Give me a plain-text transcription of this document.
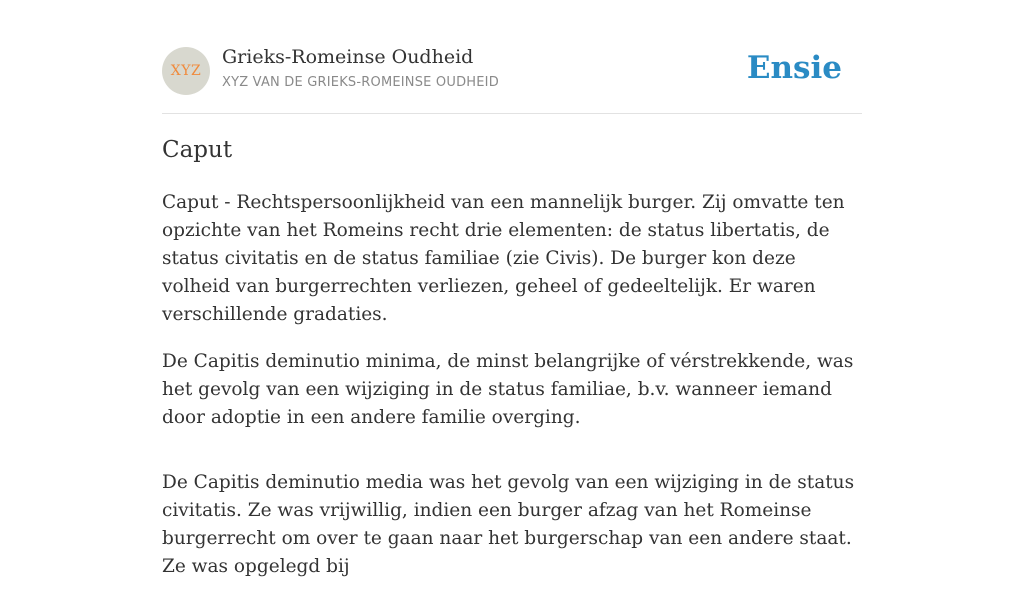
XYZ
Grieks-Romeinse Oudheid
XYZ VAN DE GRIEKS-ROMEINSE OUDHEID	Ensie
Caput

Caput - Rechtspersoonlijkheid van een mannelijk burger. Zij omvatte ten opzichte van het Romeins recht drie elementen: de status libertatis, de status civitatis en de status familiae (zie Civis). De burger kon deze volheid van burgerrechten verliezen, geheel of gedeeltelijk. Er waren verschillende gradaties.

De Capitis deminutio minima, de minst belangrijke of vérstrekkende, was het gevolg van een wijziging in de status familiae, b.v. wanneer iemand door adoptie in een andere familie overging.

De Capitis deminutio media was het gevolg van een wijziging in de status civitatis. Ze was vrijwillig, indien een burger afzag van het Romeinse burgerrecht om over te gaan naar het burgerschap van een andere staat. Ze was opgelegd bij
